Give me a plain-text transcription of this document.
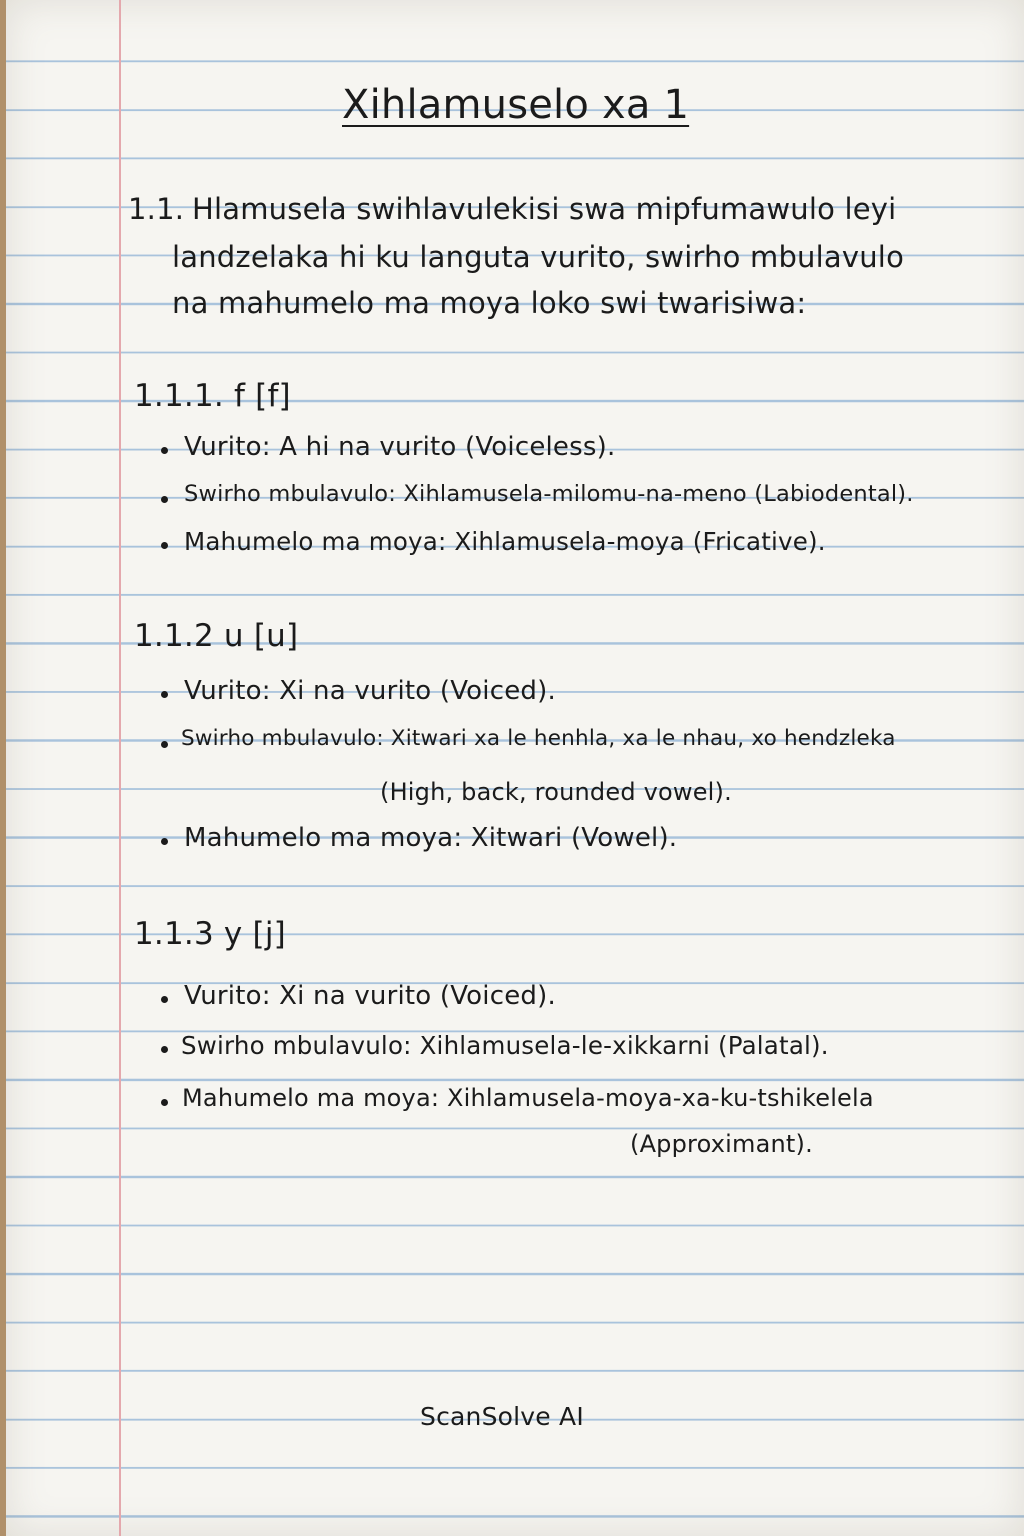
Xihlamuselo xa 1
1.1. Hlamusela swihlavulekisi swa mipfumawulo leyi
landzelaka hi ku languta vurito, swirho mbulavulo
na mahumelo ma moya loko swi twarisiwa:
1.1.1. f [f]
Vurito: A hi na vurito (Voiceless).
Swirho mbulavulo: Xihlamusela-milomu-na-meno (Labiodental).
Mahumelo ma moya: Xihlamusela-moya (Fricative).
1.1.2 u [u]
Vurito: Xi na vurito (Voiced).
Swirho mbulavulo: Xitwari xa le henhla, xa le nhau, xo hendzleka
(High, back, rounded vowel).
Mahumelo ma moya: Xitwari (Vowel).
1.1.3 y [j]
Vurito: Xi na vurito (Voiced).
Swirho mbulavulo: Xihlamusela-le-xikkarni (Palatal).
Mahumelo ma moya: Xihlamusela-moya-xa-ku-tshikelela
(Approximant).
ScanSolve AI
